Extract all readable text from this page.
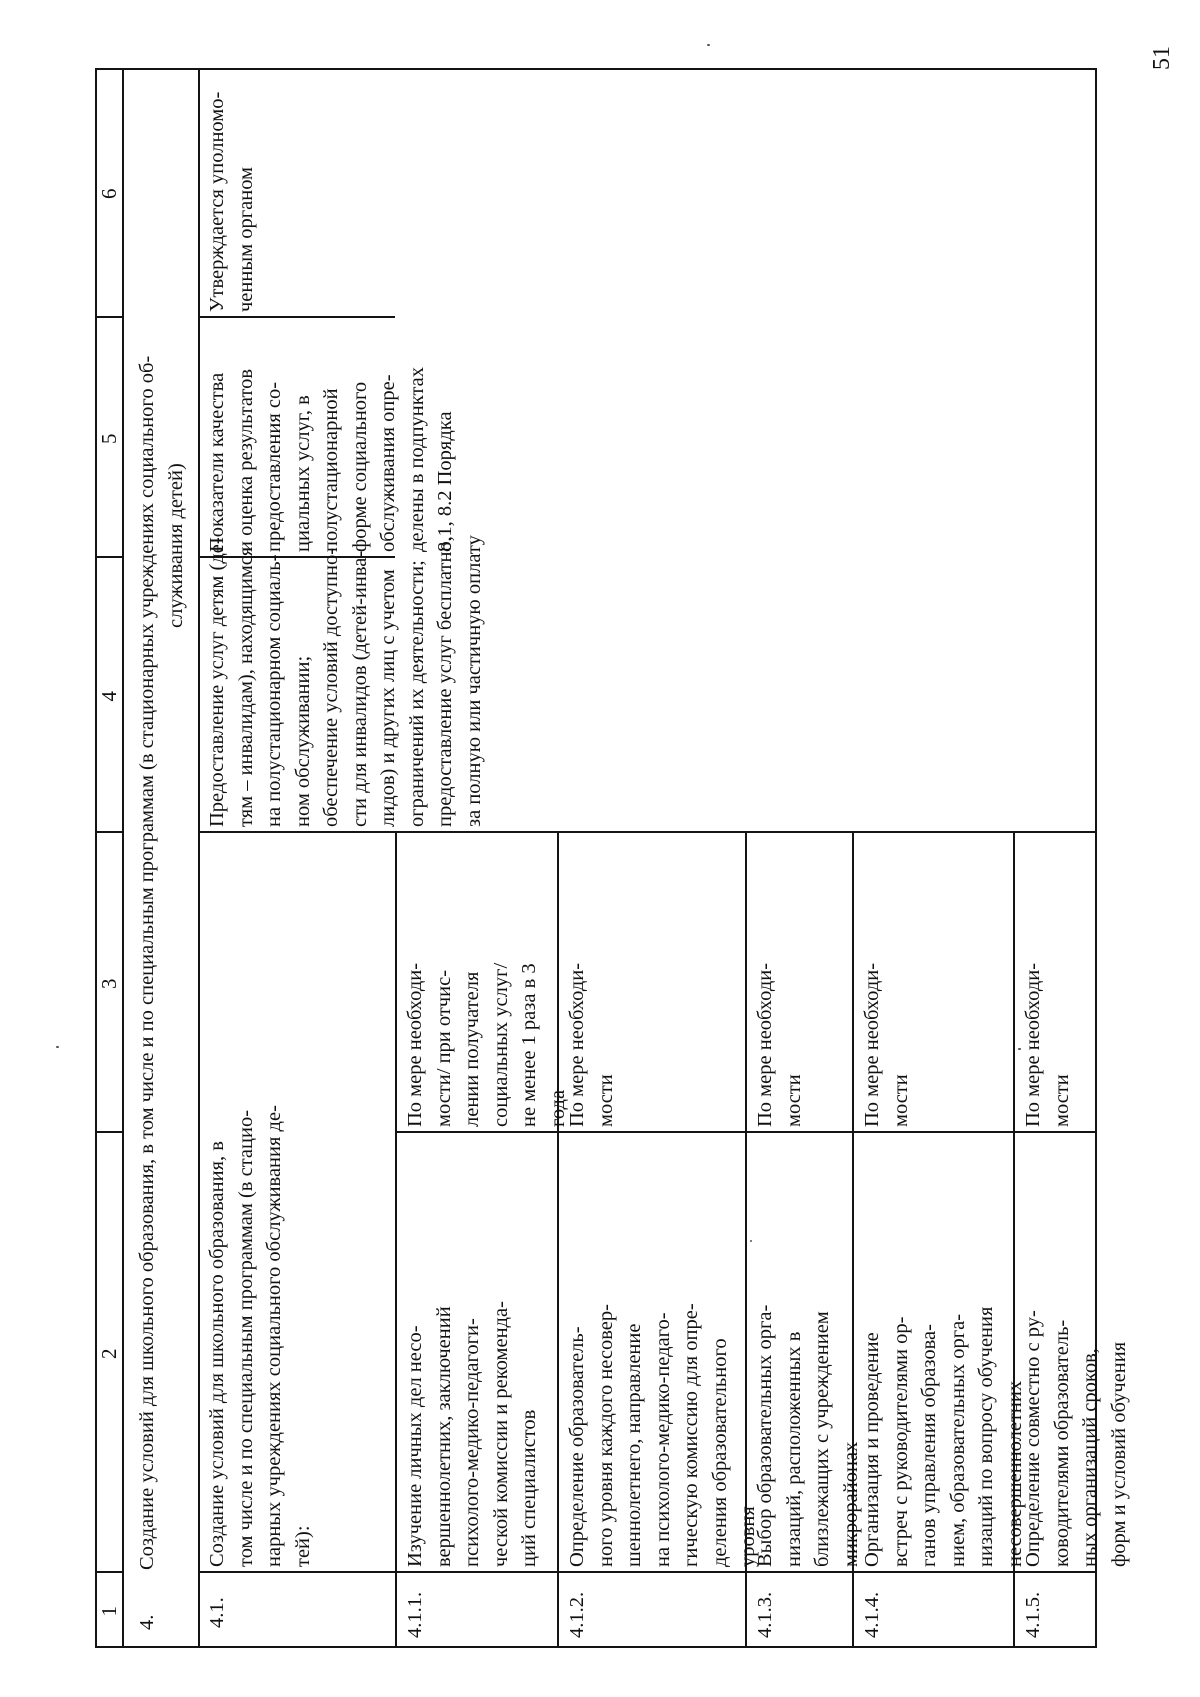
51
1
2
3
4
5
6
4.
Создание условий для школьного образования, в том числе и по специальным программам (в стационарных учреждениях социального об- служивания детей)
4.1.
Создание условий для школьного образования, в том числе и по специальным программам (в стацио- нарных учреждениях социального обслуживания де- тей):
Предоставление услуг детям (де- тям – инвалидам), находящимся на полустационарном социаль- ном обслуживании; обеспечение условий доступно- сти для инвалидов (детей-инва- лидов) и других лиц с учетом ограничений их деятельности; предоставление услуг бесплатно, за полную или частичную оплату
Показатели качества и оценка результатов предоставления со- циальных услуг, в полустационарной форме социального обслуживания опре- делены в подпунктах 8.1, 8.2 Порядка
Утверждается уполномо- ченным органом
4.1.1.
Изучение личных дел несо- вершеннолетних, заключений психолого-медико-педагоги- ческой комиссии и рекоменда- ций специалистов
По мере необходи- мости/ при отчис- лении получателя социальных услуг/ не менее 1 раза в 3 года
4.1.2.
Определение образователь- ного уровня каждого несовер- шеннолетнего, направление на психолого-медико-педаго- гическую комиссию для опре- деления образовательного уровня
По мере необходи- мости
4.1.3.
Выбор образовательных орга- низаций, расположенных в близлежащих с учреждением микрорайонах
По мере необходи- мости
4.1.4.
Организация и проведение встреч с руководителями ор- ганов управления образова- нием, образовательных орга- низаций по вопросу обучения несовершеннолетних
По мере необходи- мости
4.1.5.
Определение совместно с ру- ководителями образователь- ных организаций сроков, форм и условий обучения
По мере необходи- мости
